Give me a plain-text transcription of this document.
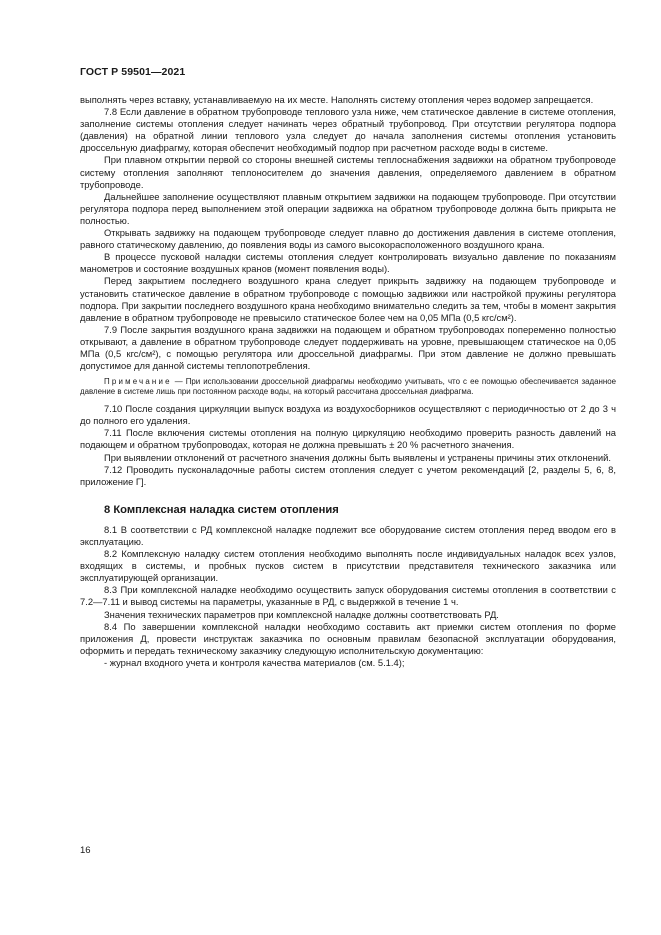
ГОСТ Р 59501—2021

выполнять через вставку, устанавливаемую на их месте. Наполнять систему отопления через водомер запрещается.

7.8 Если давление в обратном трубопроводе теплового узла ниже, чем статическое давление в системе отопления, заполнение системы отопления следует начинать через обратный трубопровод. При отсутствии регулятора подпора (давления) на обратной линии теплового узла следует до начала заполнения системы отопления установить дроссельную диафрагму, которая обеспечит необходимый подпор при расчетном расходе воды в системе.

При плавном открытии первой со стороны внешней системы теплоснабжения задвижки на обратном трубопроводе систему отопления заполняют теплоносителем до значения давления, определяемого давлением в обратном трубопроводе.

Дальнейшее заполнение осуществляют плавным открытием задвижки на подающем трубопроводе. При отсутствии регулятора подпора перед выполнением этой операции задвижка на обратном трубопроводе должна быть прикрыта не полностью.

Открывать задвижку на подающем трубопроводе следует плавно до достижения давления в системе отопления, равного статическому давлению, до появления воды из самого высокорасположенного воздушного крана.

В процессе пусковой наладки системы отопления следует контролировать визуально давление по показаниям манометров и состояние воздушных кранов (момент появления воды).

Перед закрытием последнего воздушного крана следует прикрыть задвижку на подающем трубопроводе и установить статическое давление в обратном трубопроводе с помощью задвижки или настройкой пружины регулятора подпора. При закрытии последнего воздушного крана необходимо внимательно следить за тем, чтобы в момент закрытия давление в обратном трубопроводе не превысило статическое более чем на 0,05 МПа (0,5 кгс/см²).

7.9 После закрытия воздушного крана задвижки на подающем и обратном трубопроводах попеременно полностью открывают, а давление в обратном трубопроводе следует поддерживать на уровне, превышающем статическое на 0,05 МПа (0,5 кгс/см²), с помощью регулятора или дроссельной диафрагмы. При этом давление не должно превышать допустимое для данной системы теплопотребления.

Примечание — При использовании дроссельной диафрагмы необходимо учитывать, что с ее помощью обеспечивается заданное давление в системе лишь при постоянном расходе воды, на который рассчитана дроссельная диафрагма.

7.10 После создания циркуляции выпуск воздуха из воздухосборников осуществляют с периодичностью от 2 до 3 ч до полного его удаления.

7.11 После включения системы отопления на полную циркуляцию необходимо проверить разность давлений на подающем и обратном трубопроводах, которая не должна превышать ± 20 % расчетного значения.

При выявлении отклонений от расчетного значения должны быть выявлены и устранены причины этих отклонений.

7.12 Проводить пусконаладочные работы систем отопления следует с учетом рекомендаций [2, разделы 5, 6, 8, приложение Г].

8 Комплексная наладка систем отопления

8.1 В соответствии с РД комплексной наладке подлежит все оборудование систем отопления перед вводом его в эксплуатацию.

8.2 Комплексную наладку систем отопления необходимо выполнять после индивидуальных наладок всех узлов, входящих в системы, и пробных пусков систем в присутствии представителя технического заказчика или эксплуатирующей организации.

8.3 При комплексной наладке необходимо осуществить запуск оборудования системы отопления в соответствии с 7.2—7.11 и вывод системы на параметры, указанные в РД, с выдержкой в течение 1 ч.

Значения технических параметров при комплексной наладке должны соответствовать РД.

8.4 По завершении комплексной наладки необходимо составить акт приемки систем отопления по форме приложения Д, провести инструктаж заказчика по основным правилам безопасной эксплуатации оборудования, оформить и передать техническому заказчику следующую исполнительскую документацию:

- журнал входного учета и контроля качества материалов (см. 5.1.4);

16
